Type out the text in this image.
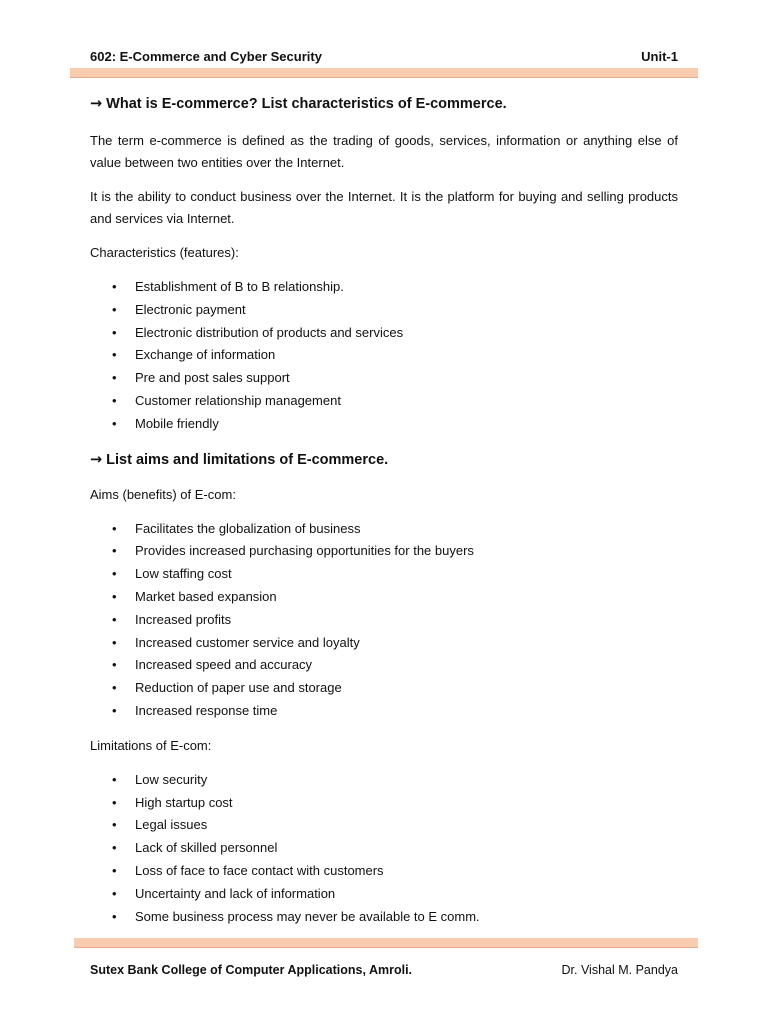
602: E-Commerce and Cyber Security	Unit-1
→ What is E-commerce? List characteristics of E-commerce.

The term e-commerce is defined as the trading of goods, services, information or anything else of value between two entities over the Internet.

It is the ability to conduct business over the Internet. It is the platform for buying and selling products and services via Internet.

Characteristics (features):

• Establishment of B to B relationship.
• Electronic payment
• Electronic distribution of products and services
• Exchange of information
• Pre and post sales support
• Customer relationship management
• Mobile friendly
→ List aims and limitations of E-commerce.

Aims (benefits) of E-com:

• Facilitates the globalization of business
• Provides increased purchasing opportunities for the buyers
• Low staffing cost
• Market based expansion
• Increased profits
• Increased customer service and loyalty
• Increased speed and accuracy
• Reduction of paper use and storage
• Increased response time

Limitations of E-com:

• Low security
• High startup cost
• Legal issues
• Lack of skilled personnel
• Loss of face to face contact with customers
• Uncertainty and lack of information
• Some business process may never be available to E comm.
Sutex Bank College of Computer Applications, Amroli.	Dr. Vishal M. Pandya
